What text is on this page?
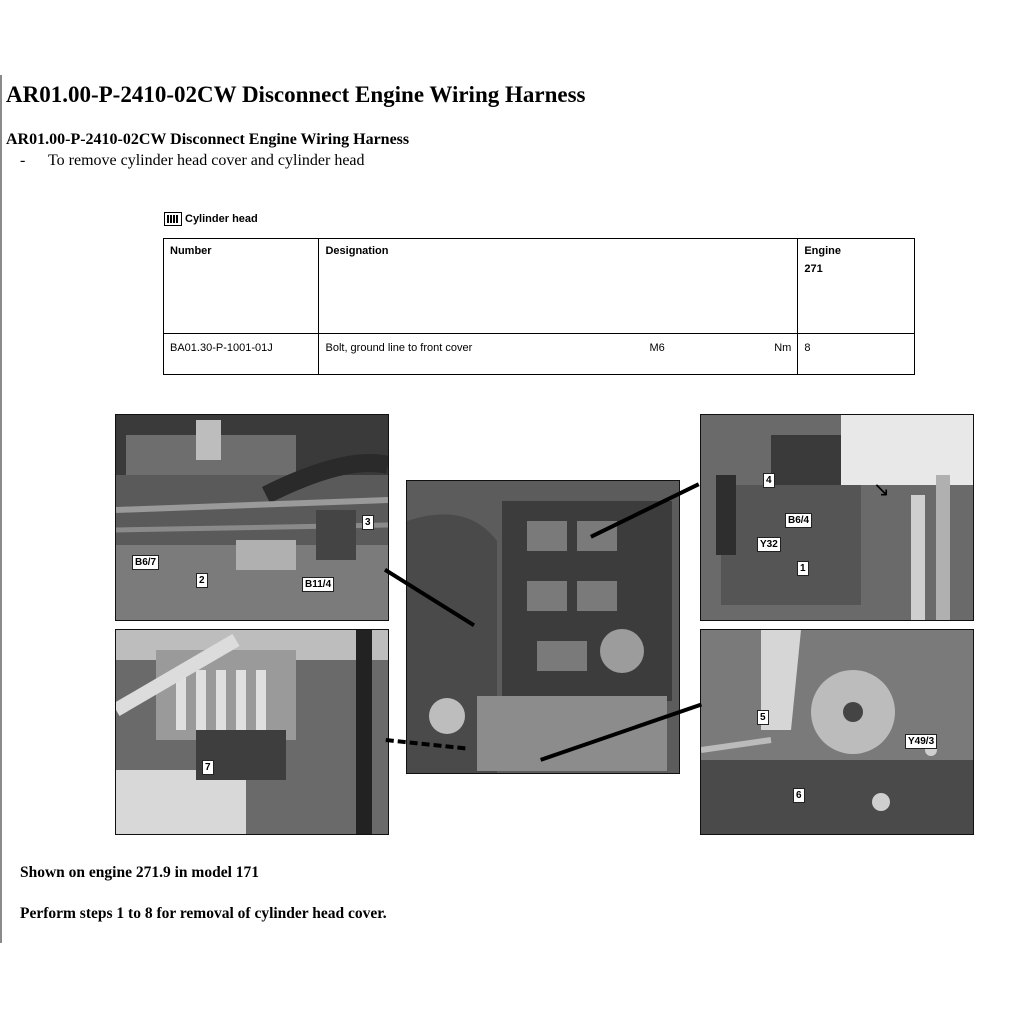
AR01.00-P-2410-02CW Disconnect Engine Wiring Harness
AR01.00-P-2410-02CW Disconnect Engine Wiring Harness
- To remove cylinder head cover and cylinder head
Cylinder head
Number	Designation	Engine
271

BA01.30-P-1001-01J	Bolt, ground line to front cover M6 Nm	8
B6/7
2
3
B11/4
7
4
B6/4
Y32
1
↘
5
Y49/3
6
Shown on engine 271.9 in model 171
Perform steps 1 to 8 for removal of cylinder head cover.
